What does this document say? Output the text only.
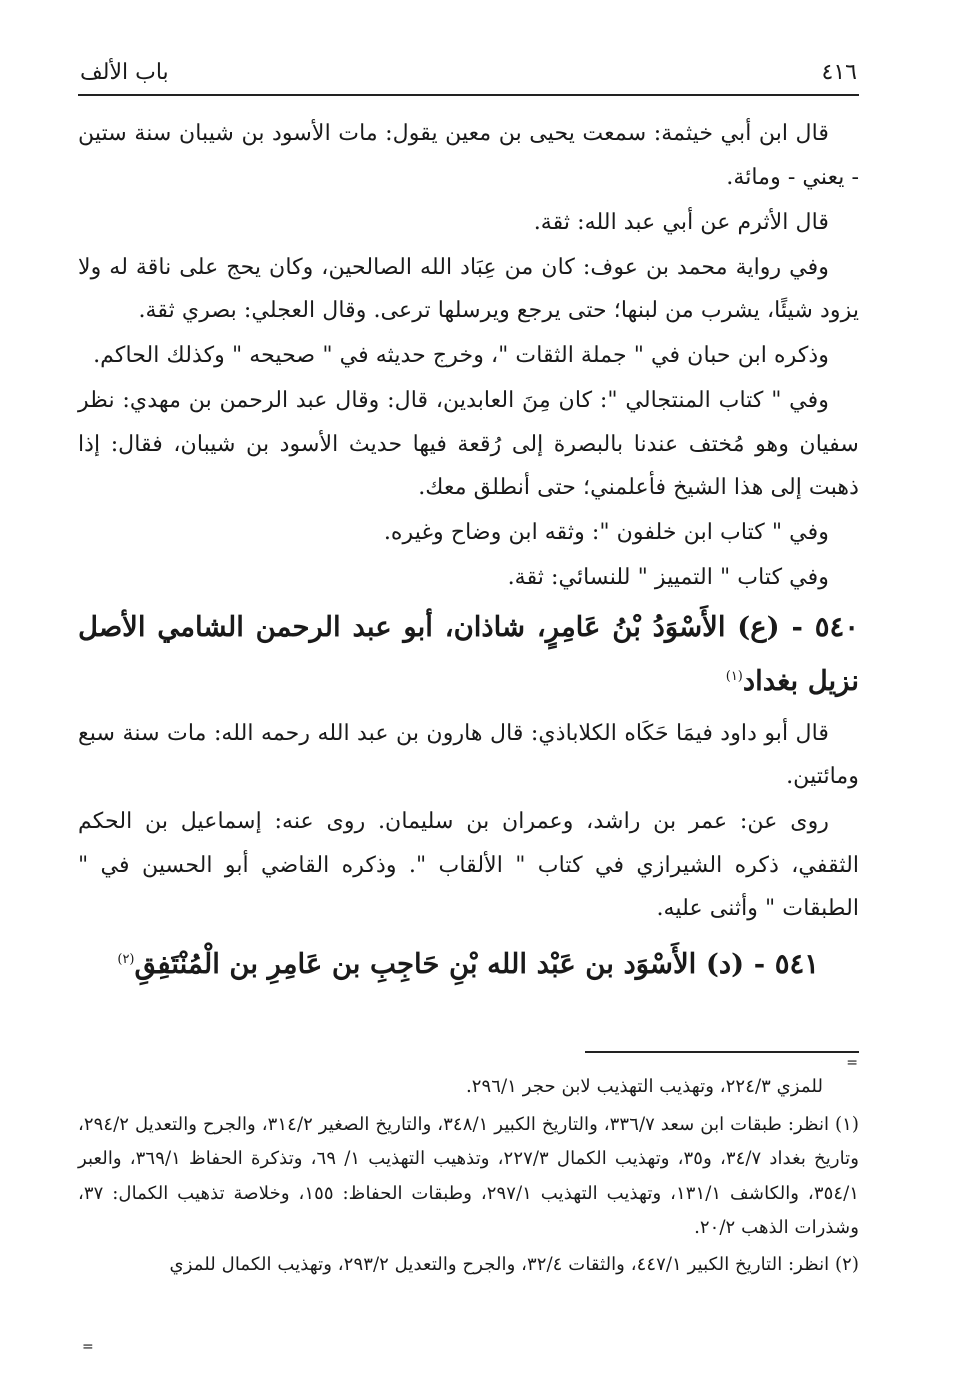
٤١٦
باب الألف

قال ابن أبي خيثمة: سمعت يحيى بن معين يقول: مات الأسود بن شيبان سنة ستين - يعني - ومائة.

قال الأثرم عن أبي عبد الله: ثقة.

وفي رواية محمد بن عوف: كان من عِبَاد الله الصالحين، وكان يحج على ناقة له ولا يزود شيئًا، يشرب من لبنها؛ حتى يرجع ويرسلها ترعى. وقال العجلي: بصري ثقة.

وذكره ابن حبان في " جملة الثقات "، وخرج حديثه في " صحيحه " وكذلك الحاكم.

وفي " كتاب المنتجالي ": كان مِنَ العابدين، قال: وقال عبد الرحمن بن مهدي: نظر سفيان وهو مُختف عندنا بالبصرة إلى رُقعة فيها حديث الأسود بن شيبان، فقال: إذا ذهبت إلى هذا الشيخ فأعلمني؛ حتى أنطلق معك.

وفي " كتاب ابن خلفون ": وثقه ابن وضاح وغيره.

وفي كتاب " التمييز " للنسائي: ثقة.

٥٤٠ - (ع) الأَسْوَدُ بْنُ عَامِرٍ، شاذان، أبو عبد الرحمن الشامي الأصل نزيل بغداد$^{(١)}$

قال أبو داود فيمَا حَكَاه الكلاباذي: قال هارون بن عبد الله رحمه الله: مات سنة سبع ومائتين.

روى عن: عمر بن راشد، وعمران بن سليمان. روى عنه: إسماعيل بن الحكم الثقفي، ذكره الشيرازي في كتاب " الألقاب ". وذكره القاضي أبو الحسين في " الطبقات " وأثنى عليه.

٥٤١ - (د) الأَسْوَد بن عَبْد الله بْنِ حَاجِبِ بن عَامِرِ بن الْمُنْتَفِقِ$^{(٢)}$
=

للمزي ٢٢٤/٣، وتهذيب التهذيب لابن حجر ٢٩٦/١.

(١) انظر: طبقات ابن سعد ٣٣٦/٧، والتاريخ الكبير ٣٤٨/١، والتاريخ الصغير ٣١٤/٢، والجرح والتعديل ٢٩٤/٢، وتاريخ بغداد ٣٤/٧، و٣٥، وتهذيب الكمال ٢٢٧/٣، وتذهيب التهذيب ١/ ٦٩، وتذكرة الحفاظ ٣٦٩/١، والعبر ٣٥٤/١، والكاشف ١٣١/١، وتهذيب التهذيب ٢٩٧/١، وطبقات الحفاظ: ١٥٥، وخلاصة تذهيب الكمال: ٣٧، وشذرات الذهب ٢٠/٢.

(٢) انظر: التاريخ الكبير ٤٤٧/١، والثقات ٣٢/٤، والجرح والتعديل ٢٩٣/٢، وتهذيب الكمال للمزي

=
